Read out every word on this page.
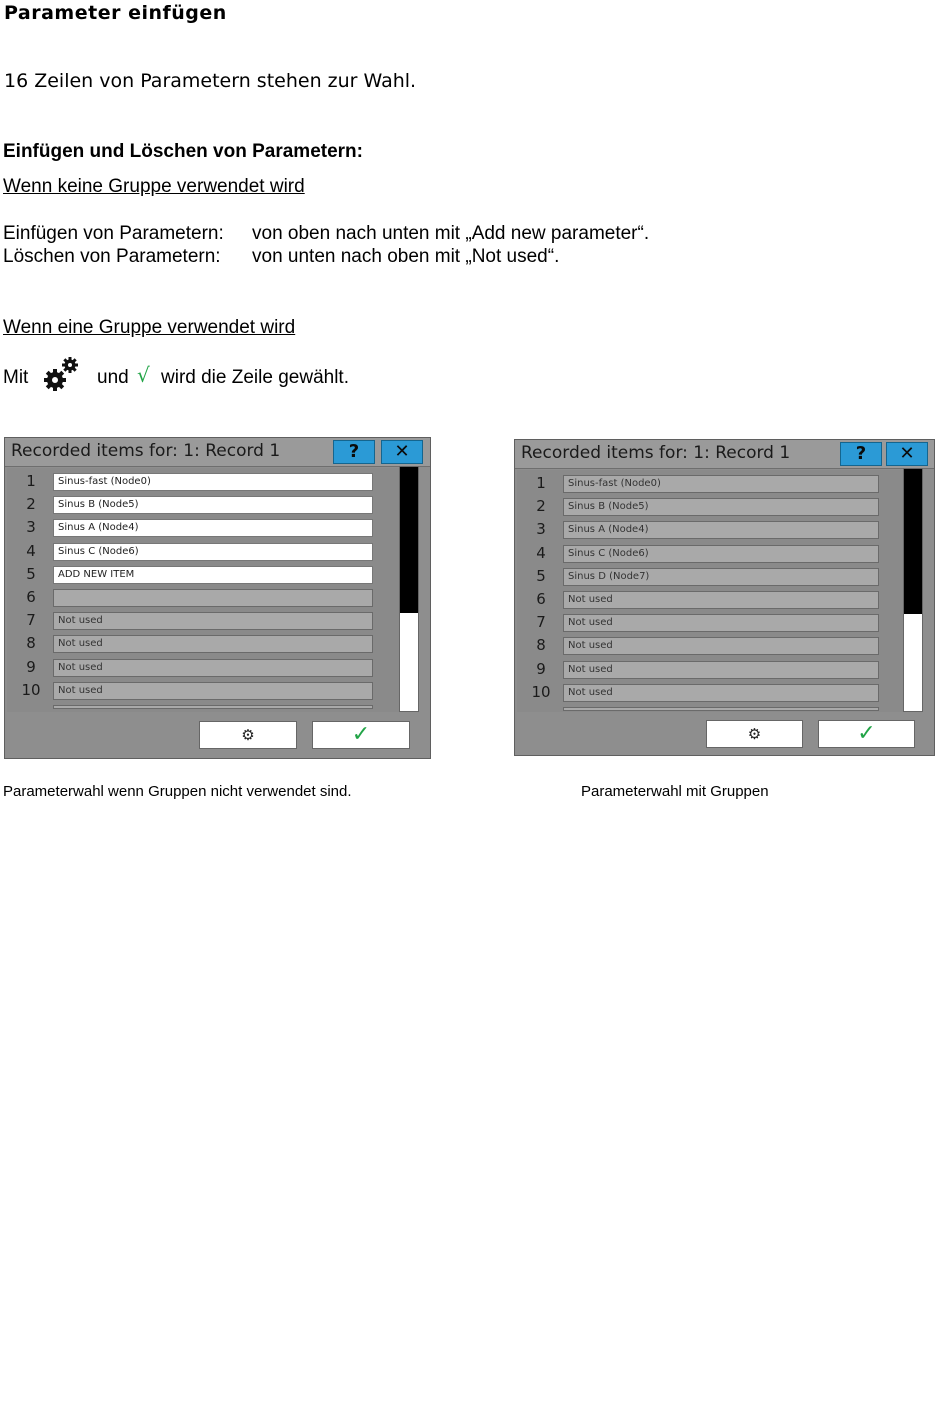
Parameter einfügen
16 Zeilen von Parametern stehen zur Wahl.
Einfügen und Löschen von Parametern:
Wenn keine Gruppe verwendet wird
Einfügen von Parametern: von oben nach unten mit „Add new parameter“.
Löschen von Parametern: von unten nach oben mit „Not used“.
Wenn eine Gruppe verwendet wird
Mit	und √ wird die Zeile gewählt.
Recorded items for: 1: Record 1	?	✕
1	Sinus-fast (Node0)
2	Sinus B (Node5)
3	Sinus A (Node4)
4	Sinus C (Node6)
5	ADD NEW ITEM
6
7	Not used
8	Not used
9	Not used
10	Not used
⚙	✓
Recorded items for: 1: Record 1	?	✕
1	Sinus-fast (Node0)
2	Sinus B (Node5)
3	Sinus A (Node4)
4	Sinus C (Node6)
5	Sinus D (Node7)
6	Not used
7	Not used
8	Not used
9	Not used
10	Not used
⚙	✓
Parameterwahl wenn Gruppen nicht verwendet sind.	Parameterwahl mit Gruppen
